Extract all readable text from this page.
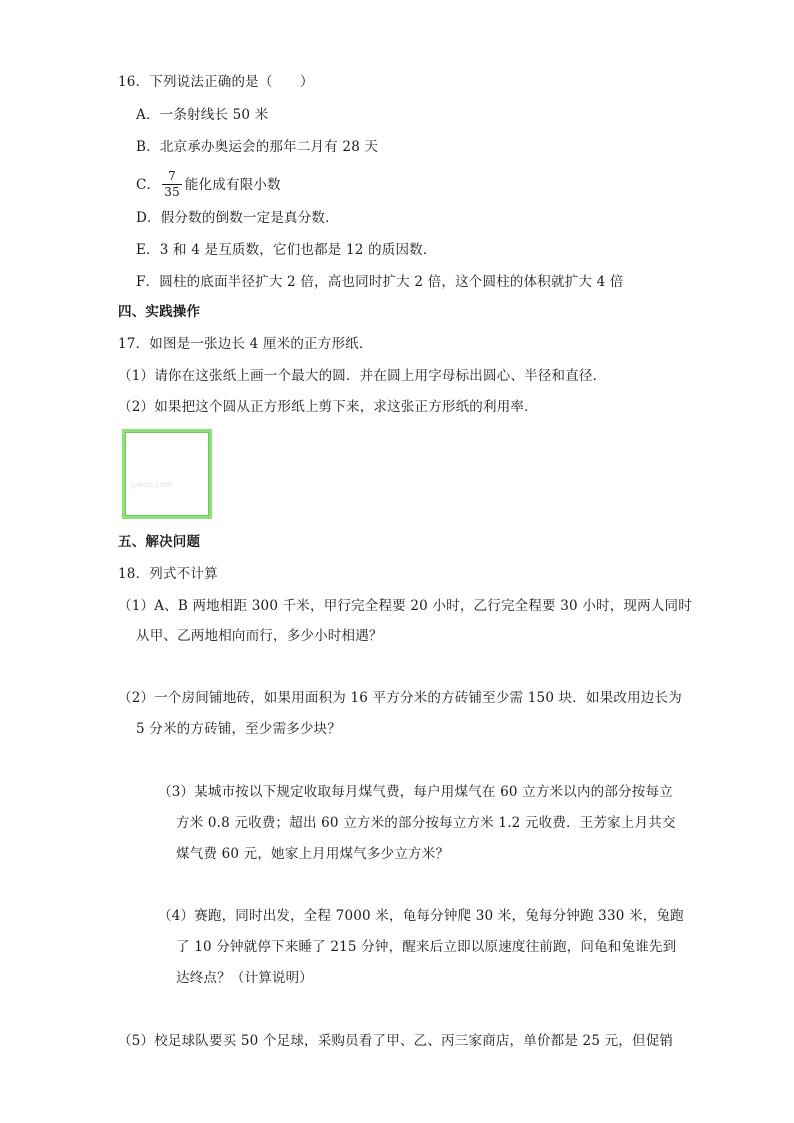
16．下列说法正确的是（　　）
A．一条射线长 50 米
B．北京承办奥运会的那年二月有 28 天
C． $\frac{7}{35}$ 能化成有限小数
D．假分数的倒数一定是真分数．
E．3 和 4 是互质数，它们也都是 12 的质因数．
F．圆柱的底面半径扩大 2 倍，高也同时扩大 2 倍，这个圆柱的体积就扩大 4 倍
四、实践操作
17．如图是一张边长 4 厘米的正方形纸．
（1）请你在这张纸上画一个最大的圆．并在圆上用字母标出圆心、半径和直径．
（2）如果把这个圆从正方形纸上剪下来，求这张正方形纸的利用率．
jyeoo.com
五、解决问题
18．列式不计算
（1）A、B 两地相距 300 千米，甲行完全程要 20 小时，乙行完全程要 30 小时，现两人同时
从甲、乙两地相向而行，多少小时相遇？
（2）一个房间铺地砖，如果用面积为 16 平方分米的方砖铺至少需 150 块．如果改用边长为
5 分米的方砖铺，至少需多少块？
（3）某城市按以下规定收取每月煤气费，每户用煤气在 60 立方米以内的部分按每立
方米 0.8 元收费；超出 60 立方米的部分按每立方米 1.2 元收费．王芳家上月共交
煤气费 60 元，她家上月用煤气多少立方米？
（4）赛跑，同时出发，全程 7000 米，龟每分钟爬 30 米，兔每分钟跑 330 米，兔跑
了 10 分钟就停下来睡了 215 分钟，醒来后立即以原速度往前跑，问龟和兔谁先到
达终点？（计算说明）
（5）校足球队要买 50 个足球，采购员看了甲、乙、丙三家商店，单价都是 25 元，但促销
